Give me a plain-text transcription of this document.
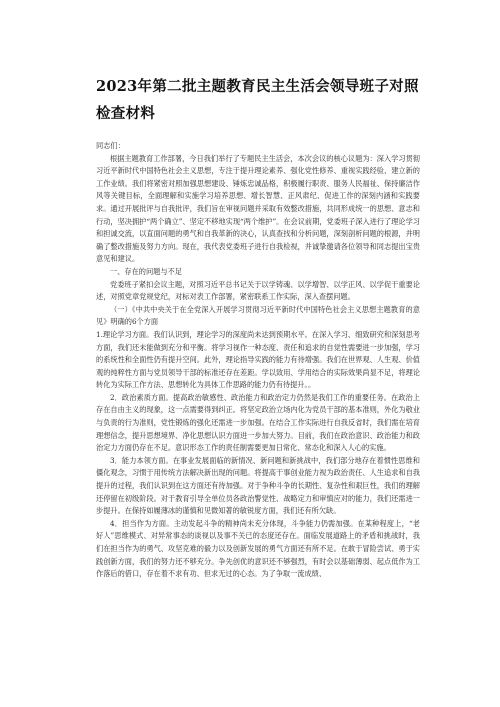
2023年第二批主题教育民主生活会领导班子对照检查材料

同志们：

根据主题教育工作部署，今日我们举行了专题民主生活会，本次会议的核心议题为：深入学习贯彻习近平新时代中国特色社会主义思想，专注于提升理论素养、强化党性修养、重视实践经验、建立新的工作业绩。我们将紧密对照加强思想建设、锤炼忠诚品格，积极履行职责、服务人民福祉、保持廉洁作风等关键目标，全面理解和实施学习培养思想、增长智慧、正风肃纪、促进工作的深刻内涵和实践要求。通过开展批评与自我批评，我们旨在审视问题并采取有效整改措施，共同形成统一的思想、意志和行动，坚决拥护“两个确立”、坚定不移地实现“两个维护”。在会议前期，党委班子深入进行了理论学习和担诚交流，以直面问题的勇气和自我革新的决心，认真查找和分析问题，深刻剖析问题的根源，并明确了整改措施及努力方向。现在，我代表党委班子进行自我检视，并诚挚邀请各位领导和同志提出宝贵意见和建议。

一、存在的问题与不足

党委班子紧扣会议主题，对照习近平总书记关于以学铸魂、以学增智、以学正风、以学促干重要论述，对照党章党规党纪，对标对表工作部署，紧密联系工作实际，深入查摆问题。

（一）《中共中央关于在全党深入开展学习贯彻习近平新时代中国特色社会主义思想主题教育的意见》明确的6个方面

1.理论学习方面。我们认识到，理论学习的深度尚未达到预期水平。在深入学习、细致研究和深刻思考方面，我们还未能做到充分和平衡。将学习视作一种态度、责任和追求的自觉性需要进一步加强，学习的系统性和全面性仍有提升空间。此外，理论指导实践的能力有待增强。我们在世界观、人生观、价值观的纯粹性方面与党员领导干部的标准还存在差距。学以致用、学用结合的实际效果尚显不足，将理论转化为实际工作方法、思想转化为具体工作思路的能力仍有待提升。。

2．政治素质方面。提高政治敏感性、政治能力和政治定力仍然是我们工作的重要任务。在政治上存在自由主义的现象，这一点需要得到纠正。将坚定政治立场内化为党员干部的基本准则，外化为敬业与负责的行为准则，党性锻炼的强化还需进一步加强。在结合工作实际进行自我反省时，我们需在培育理想信念，提升思想境界、净化思想认识方面进一步加大努力。目前，我们在政治意识、政治能力和政治定力方面仍存在不足。意识形态工作的责任制需要更加日常化、常态化和深入人心的实施。

3．能力本领方面。在事业发展面临的新情况、新问题和新挑战中，我们部分地存在着惯性思维和僵化观念，习惯于用传统方法解决新出现的问题。将提高干事创业能力视为政治责任、人生追求和自我提升的过程，我们认识到在这方面还有待加强。对于争种斗争的长期性、复杂性和艰巨性，我们的理解还停留在初级阶段。对于教育引导全单位员各政治警觉性、战略定力和审慎应对的能力，我们还需进一步提升。在保持如履薄冰的谨慎和见微知著的敏锐度方面，我们还有所欠缺。

4．担当作为方面。主动发起斗争的精神尚未充分体现，斗争能力仍需加强。在某种程度上，“老好人”思维模式、对异常事态的谈视以及事不关已的态度还存在。面临发展道路上的矛盾和挑战时，我们在担当作为的勇气、攻坚克难的毅力以及创新发展的勇气方面还有所不足。在敢于冒险尝试、勇于实践创新方面，我们的努力还不够充分。争先创优的意识还不够强烈，有时会以基础薄弱、起点低作为工作落后的借口，存在着不求有功、但求无过的心态。为了争取一流成绩、
